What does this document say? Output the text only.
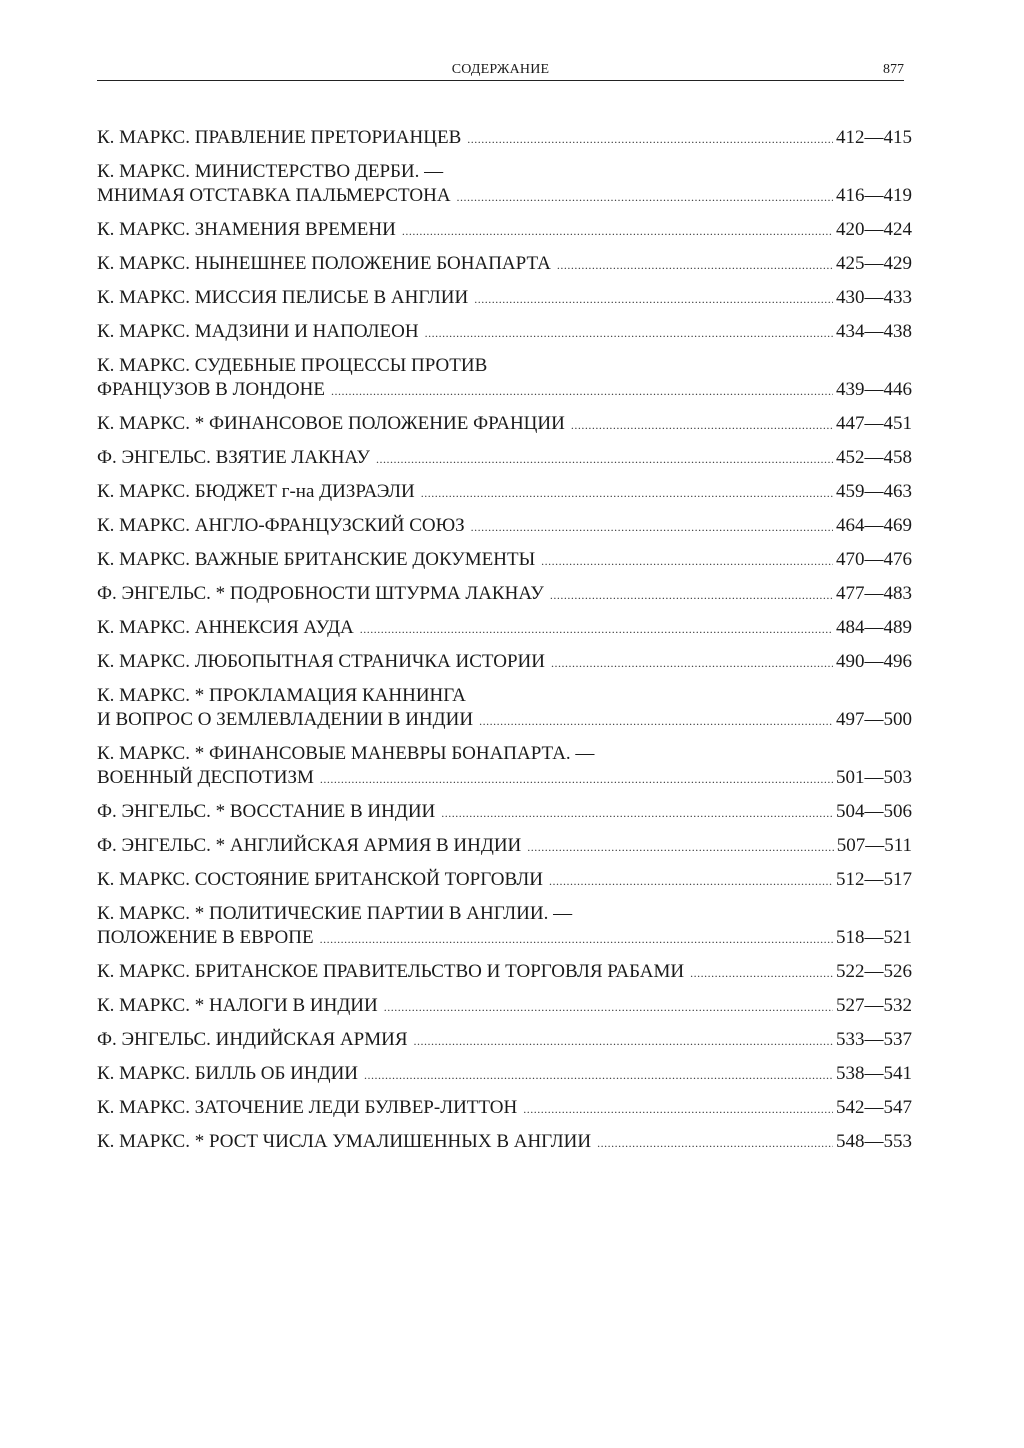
СОДЕРЖАНИЕ	877
К. МАРКС. ПРАВЛЕНИЕ ПРЕТОРИАНЦЕВ .....	412—415
К. МАРКС. МИНИСТЕРСТВО ДЕРБИ. —
МНИМАЯ ОТСТАВКА ПАЛЬМЕРСТОНА .....	416—419
К. МАРКС. ЗНАМЕНИЯ ВРЕМЕНИ .....	420—424
К. МАРКС. НЫНЕШНЕЕ ПОЛОЖЕНИЕ БОНАПАРТА .....	425—429
К. МАРКС. МИССИЯ ПЕЛИСЬЕ В АНГЛИИ .....	430—433
К. МАРКС. МАДЗИНИ И НАПОЛЕОН .....	434—438
К. МАРКС. СУДЕБНЫЕ ПРОЦЕССЫ ПРОТИВ
ФРАНЦУЗОВ В ЛОНДОНЕ .....	439—446
К. МАРКС. * ФИНАНСОВОЕ ПОЛОЖЕНИЕ ФРАНЦИИ .....	447—451
Ф. ЭНГЕЛЬС. ВЗЯТИЕ ЛАКНАУ .....	452—458
К. МАРКС. БЮДЖЕТ г-на ДИЗРАЭЛИ .....	459—463
К. МАРКС. АНГЛО-ФРАНЦУЗСКИЙ СОЮЗ .....	464—469
К. МАРКС. ВАЖНЫЕ БРИТАНСКИЕ ДОКУМЕНТЫ .....	470—476
Ф. ЭНГЕЛЬС. * ПОДРОБНОСТИ ШТУРМА ЛАКНАУ .....	477—483
К. МАРКС. АННЕКСИЯ АУДА .....	484—489
К. МАРКС. ЛЮБОПЫТНАЯ СТРАНИЧКА ИСТОРИИ .....	490—496
К. МАРКС. * ПРОКЛАМАЦИЯ КАННИНГА
И ВОПРОС О ЗЕМЛЕВЛАДЕНИИ В ИНДИИ .....	497—500
К. МАРКС. * ФИНАНСОВЫЕ МАНЕВРЫ БОНАПАРТА. —
ВОЕННЫЙ ДЕСПОТИЗМ .....	501—503
Ф. ЭНГЕЛЬС. * ВОССТАНИЕ В ИНДИИ .....	504—506
Ф. ЭНГЕЛЬС. * АНГЛИЙСКАЯ АРМИЯ В ИНДИИ .....	507—511
К. МАРКС. СОСТОЯНИЕ БРИТАНСКОЙ ТОРГОВЛИ .....	512—517
К. МАРКС. * ПОЛИТИЧЕСКИЕ ПАРТИИ В АНГЛИИ. —
ПОЛОЖЕНИЕ В ЕВРОПЕ .....	518—521
К. МАРКС. БРИТАНСКОЕ ПРАВИТЕЛЬСТВО И ТОРГОВЛЯ РАБАМИ .....	522—526
К. МАРКС. * НАЛОГИ В ИНДИИ .....	527—532
Ф. ЭНГЕЛЬС. ИНДИЙСКАЯ АРМИЯ .....	533—537
К. МАРКС. БИЛЛЬ ОБ ИНДИИ .....	538—541
К. МАРКС. ЗАТОЧЕНИЕ ЛЕДИ БУЛВЕР-ЛИТТОН .....	542—547
К. МАРКС. * РОСТ ЧИСЛА УМАЛИШЕННЫХ В АНГЛИИ .....	548—553
